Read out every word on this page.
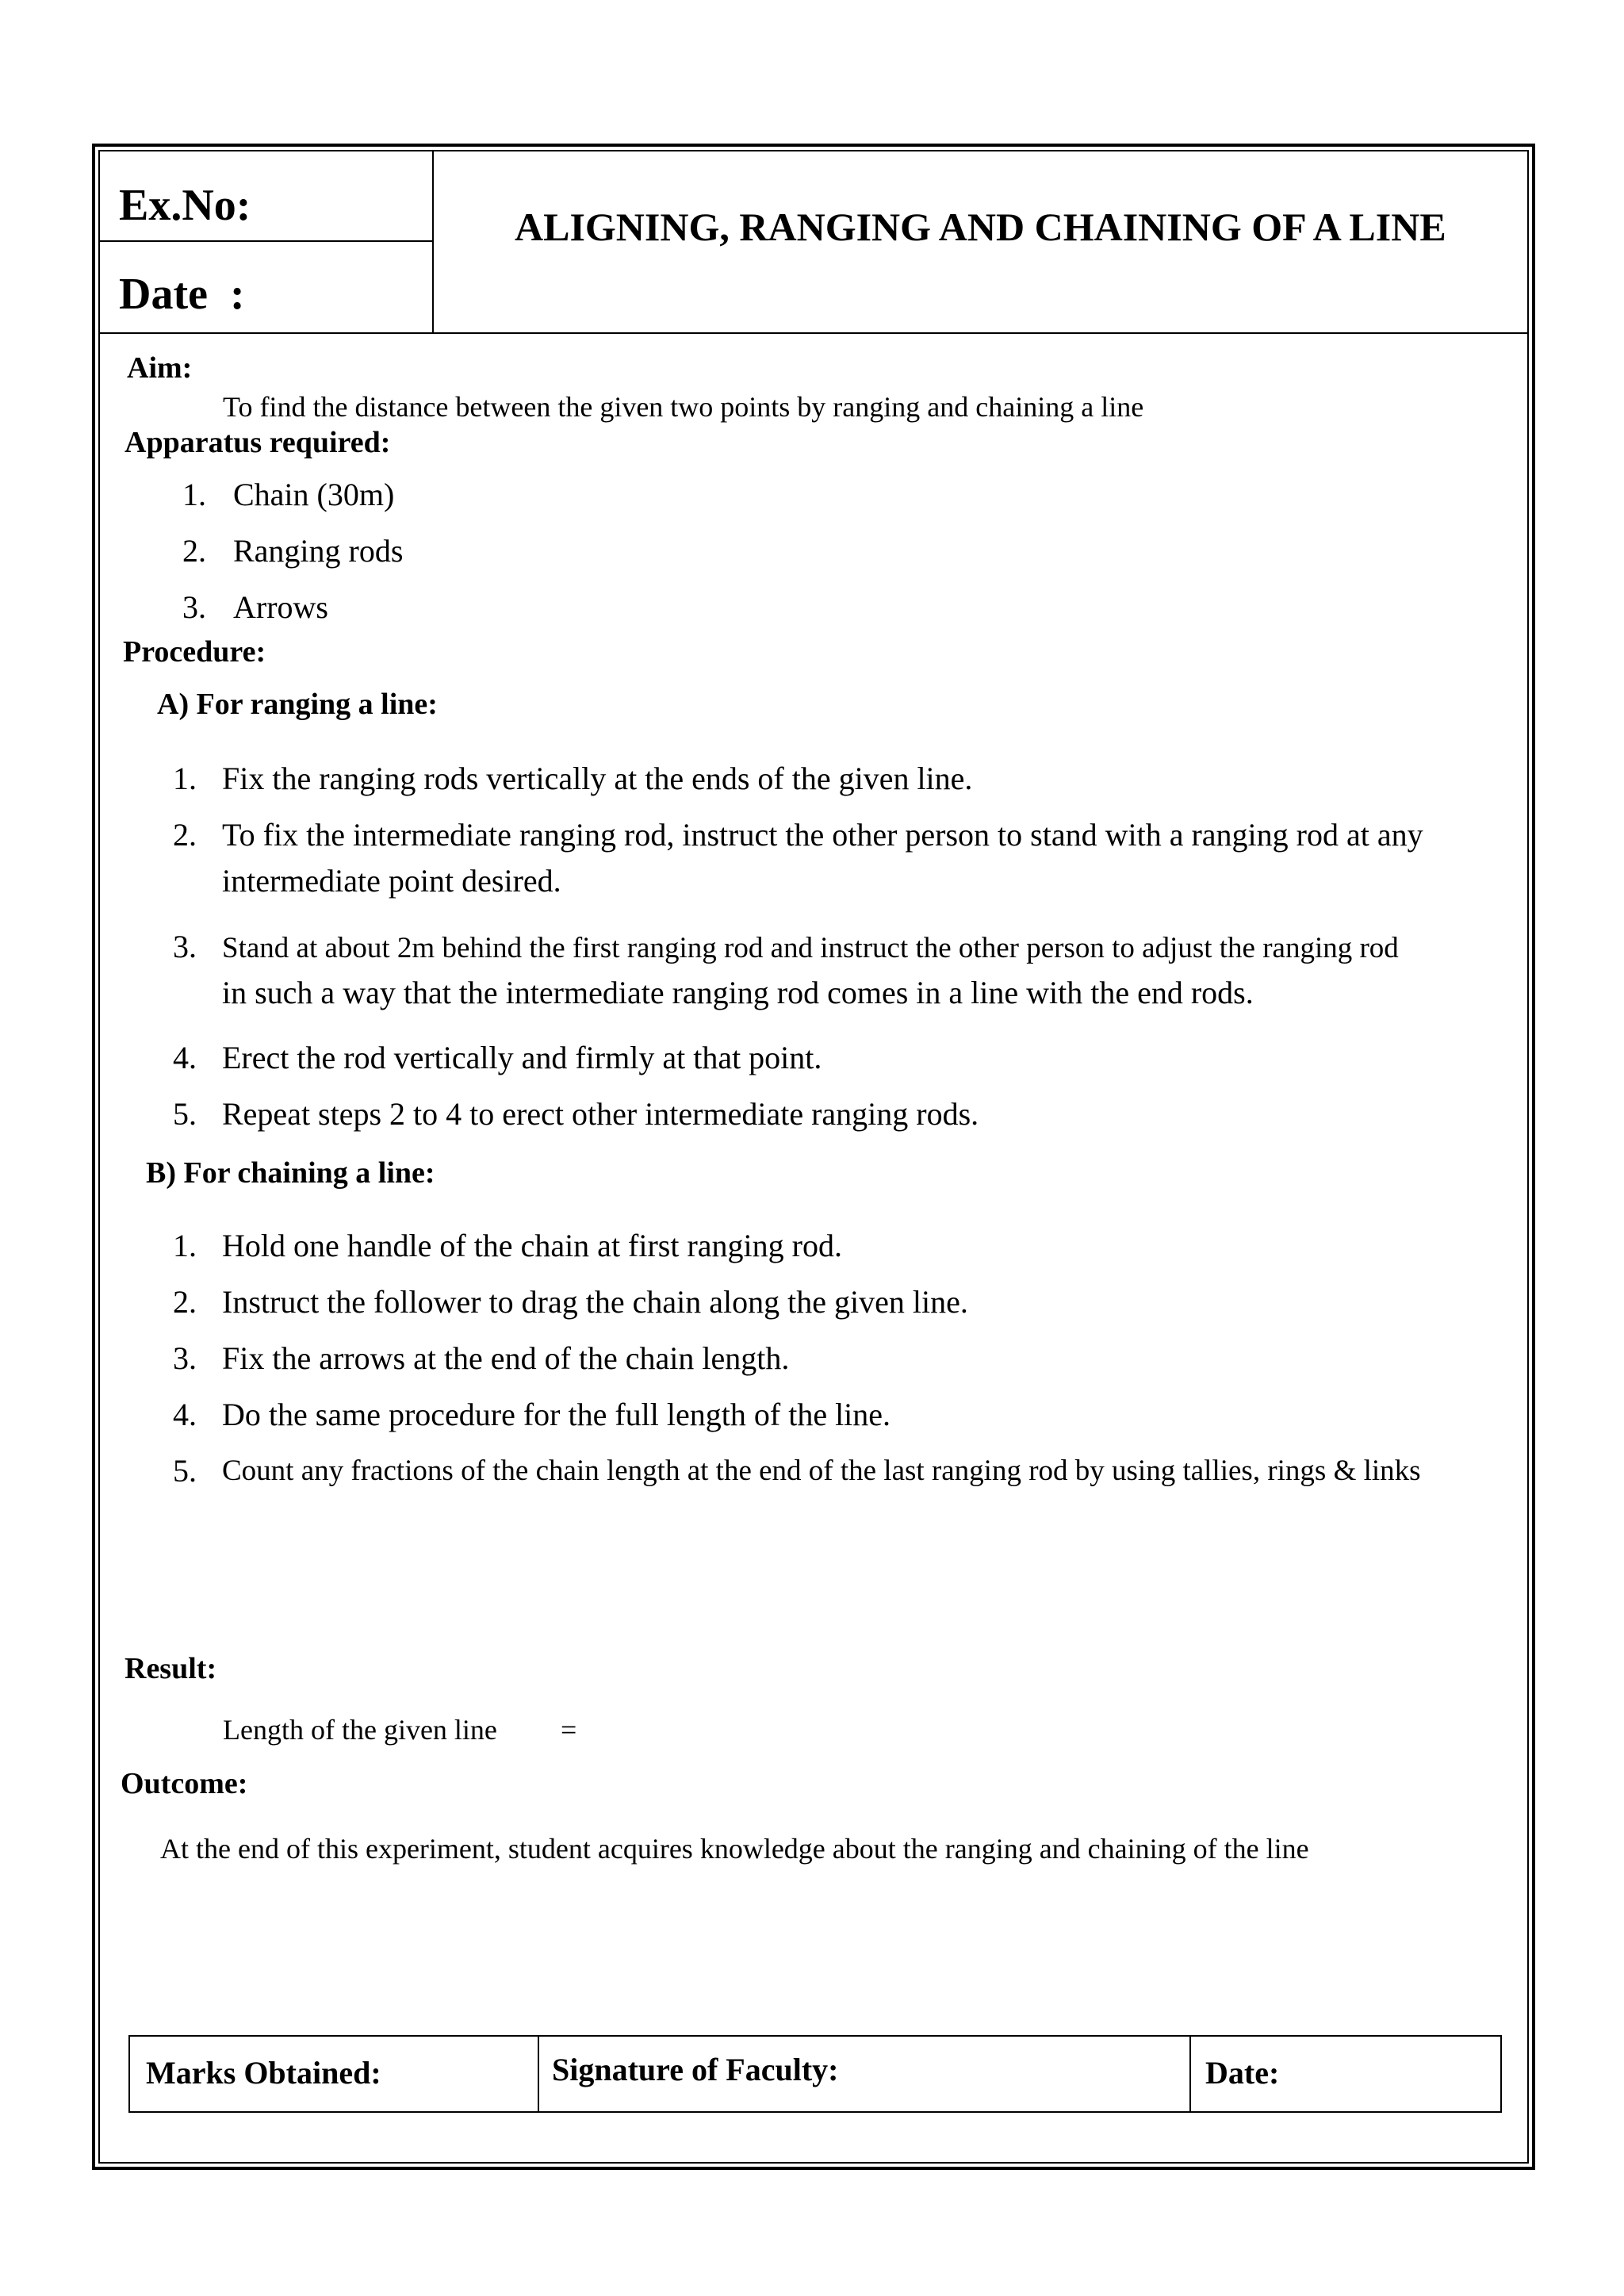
Ex.No:
Date  :
ALIGNING, RANGING AND CHAINING OF A LINE
Aim:
To find the distance between the given two points by ranging and chaining a line
Apparatus required:
1. Chain (30m)
2. Ranging rods
3. Arrows
Procedure:
A) For ranging a line:
1. Fix the ranging rods vertically at the ends of the given line.
2. To fix the intermediate ranging rod, instruct the other person to stand with a ranging rod at any
intermediate point desired.
3. Stand at about 2m behind the first ranging rod and instruct the other person to adjust the ranging rod
in such a way that the intermediate ranging rod comes in a line with the end rods.
4. Erect the rod vertically and firmly at that point.
5. Repeat steps 2 to 4 to erect other intermediate ranging rods.
B) For chaining a line:
1. Hold one handle of the chain at first ranging rod.
2. Instruct the follower to drag the chain along the given line.
3. Fix the arrows at the end of the chain length.
4. Do the same procedure for the full length of the line.
5. Count any fractions of the chain length at the end of the last ranging rod by using tallies, rings & links
Result:
Length of the given line =
Outcome:
At the end of this experiment, student acquires knowledge about the ranging and chaining of the line
Marks Obtained:	Signature of Faculty:	Date:
